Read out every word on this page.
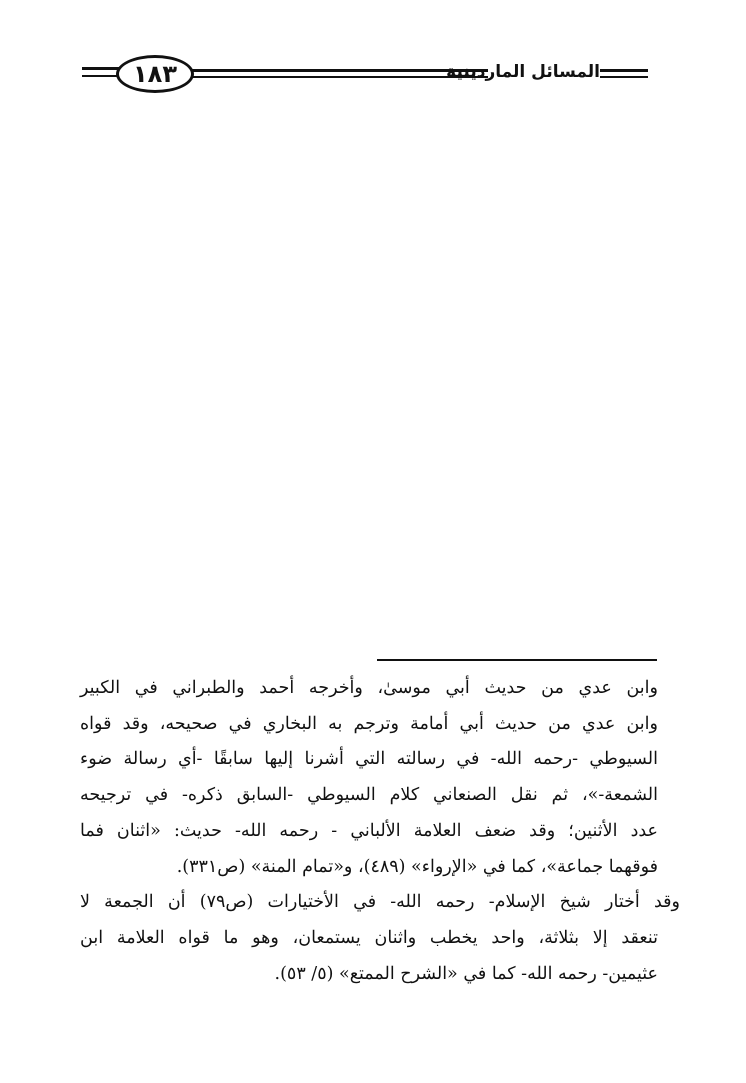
١٨٣	المسائل الماردينية

وابن عدي من حديث أبي موسىٰ، وأخرجه أحمد والطبراني في الكبير

وابن عدي من حديث أبي أمامة وترجم به البخاري في صحيحه، وقد قواه

السيوطي -رحمه الله- في رسالته التي أشرنا إليها سابقًا -أي رسالة ضوء

الشمعة-»، ثم نقل الصنعاني كلام السيوطي -السابق ذكره- في ترجيحه

عدد الأثنين؛ وقد ضعف العلامة الألباني - رحمه الله- حديث: «اثنان فما

فوقهما جماعة»، كما في «الإرواء» (٤٨٩)، و«تمام المنة» (ص٣٣١).

وقد أختار شيخ الإسلام- رحمه الله- في الأختيارات (ص٧٩) أن الجمعة لا

تنعقد إلا بثلاثة، واحد يخطب واثنان يستمعان، وهو ما قواه العلامة ابن

عثيمين- رحمه الله- كما في «الشرح الممتع» (٥/ ٥٣).
